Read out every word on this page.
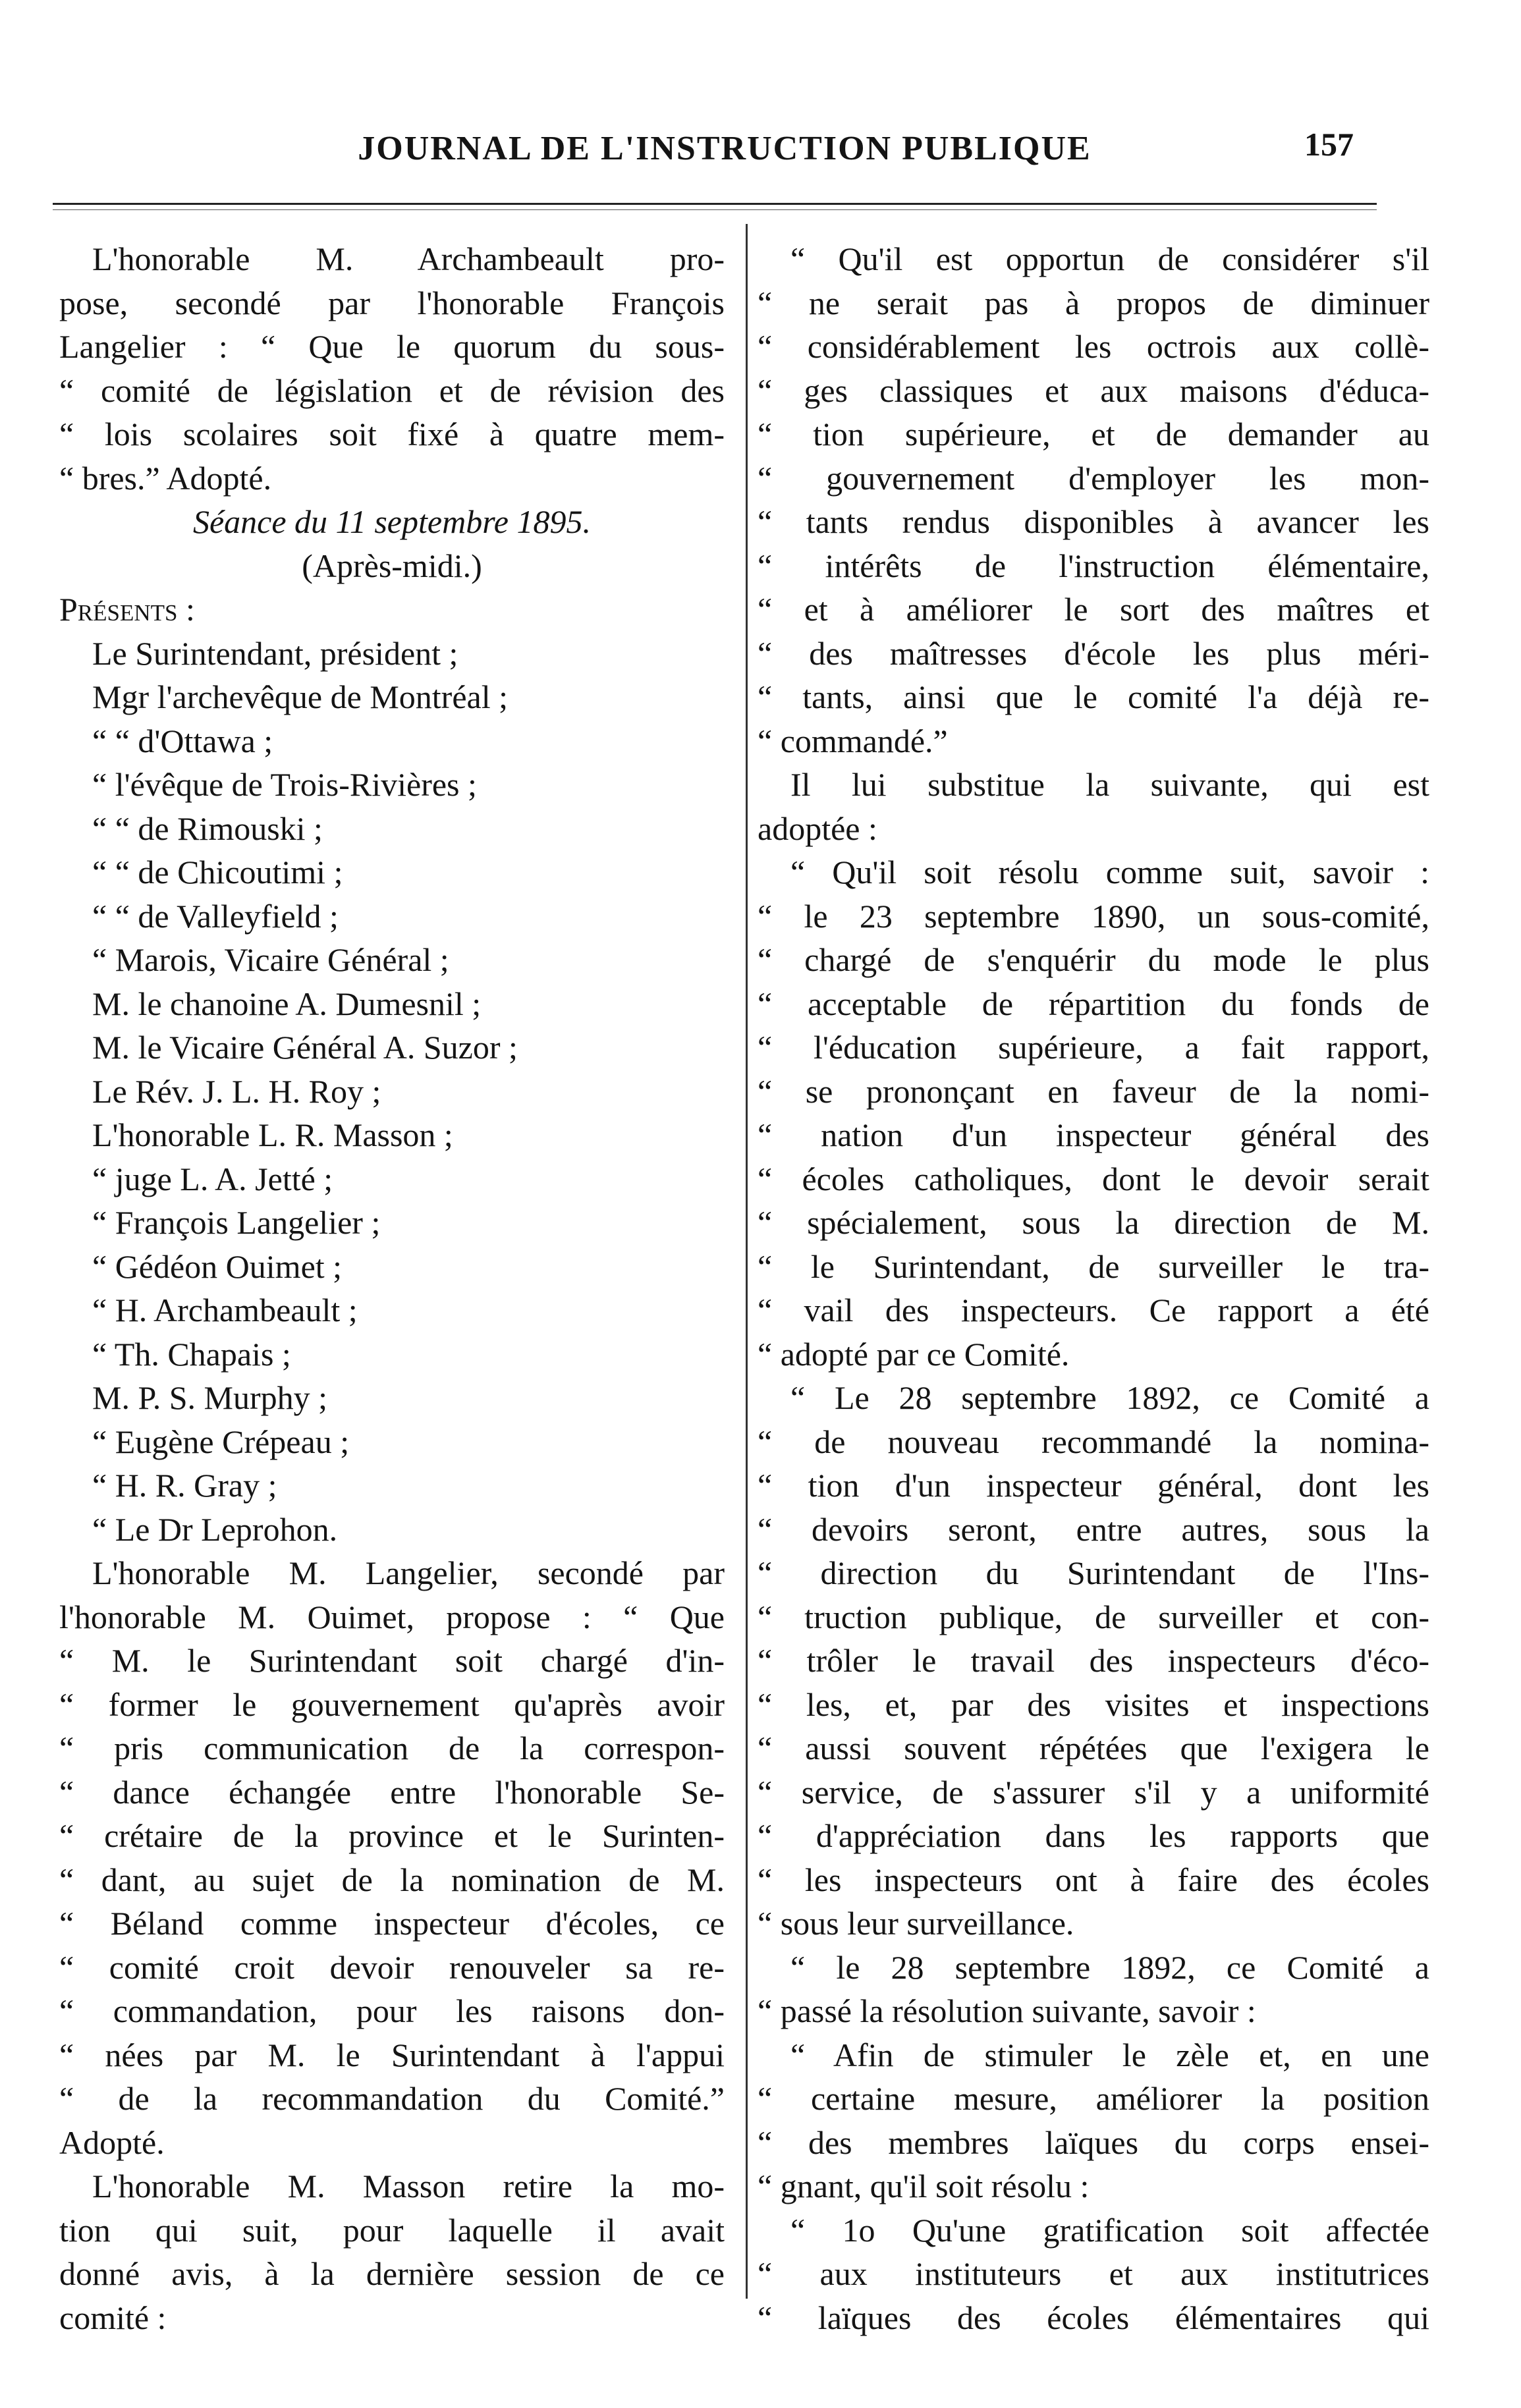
JOURNAL DE L'INSTRUCTION PUBLIQUE	157
L'honorable M. Archambeault pro-
pose, secondé par l'honorable François
Langelier : “ Que le quorum du sous-
“ comité de législation et de révision des
“ lois scolaires soit fixé à quatre mem-
“ bres.” Adopté.
Séance du 11 septembre 1895.
(Après-midi.)
Présents :
Le Surintendant, président ;
Mgr l'archevêque de Montréal ;
“ “ d'Ottawa ;
“ l'évêque de Trois-Rivières ;
“ “ de Rimouski ;
“ “ de Chicoutimi ;
“ “ de Valleyfield ;
“ Marois, Vicaire Général ;
M. le chanoine A. Dumesnil ;
M. le Vicaire Général A. Suzor ;
Le Rév. J. L. H. Roy ;
L'honorable L. R. Masson ;
“ juge L. A. Jetté ;
“ François Langelier ;
“ Gédéon Ouimet ;
“ H. Archambeault ;
“ Th. Chapais ;
M. P. S. Murphy ;
“ Eugène Crépeau ;
“ H. R. Gray ;
“ Le Dr Leprohon.
L'honorable M. Langelier, secondé par
l'honorable M. Ouimet, propose : “ Que
“ M. le Surintendant soit chargé d'in-
“ former le gouvernement qu'après avoir
“ pris communication de la correspon-
“ dance échangée entre l'honorable Se-
“ crétaire de la province et le Surinten-
“ dant, au sujet de la nomination de M.
“ Béland comme inspecteur d'écoles, ce
“ comité croit devoir renouveler sa re-
“ commandation, pour les raisons don-
“ nées par M. le Surintendant à l'appui
“ de la recommandation du Comité.”
Adopté.
L'honorable M. Masson retire la mo-
tion qui suit, pour laquelle il avait
donné avis, à la dernière session de ce
comité :
“ Qu'il est opportun de considérer s'il
“ ne serait pas à propos de diminuer
“ considérablement les octrois aux collè-
“ ges classiques et aux maisons d'éduca-
“ tion supérieure, et de demander au
“ gouvernement d'employer les mon-
“ tants rendus disponibles à avancer les
“ intérêts de l'instruction élémentaire,
“ et à améliorer le sort des maîtres et
“ des maîtresses d'école les plus méri-
“ tants, ainsi que le comité l'a déjà re-
“ commandé.”
Il lui substitue la suivante, qui est
adoptée :
“ Qu'il soit résolu comme suit, savoir :
“ le 23 septembre 1890, un sous-comité,
“ chargé de s'enquérir du mode le plus
“ acceptable de répartition du fonds de
“ l'éducation supérieure, a fait rapport,
“ se prononçant en faveur de la nomi-
“ nation d'un inspecteur général des
“ écoles catholiques, dont le devoir serait
“ spécialement, sous la direction de M.
“ le Surintendant, de surveiller le tra-
“ vail des inspecteurs. Ce rapport a été
“ adopté par ce Comité.
“ Le 28 septembre 1892, ce Comité a
“ de nouveau recommandé la nomina-
“ tion d'un inspecteur général, dont les
“ devoirs seront, entre autres, sous la
“ direction du Surintendant de l'Ins-
“ truction publique, de surveiller et con-
“ trôler le travail des inspecteurs d'éco-
“ les, et, par des visites et inspections
“ aussi souvent répétées que l'exigera le
“ service, de s'assurer s'il y a uniformité
“ d'appréciation dans les rapports que
“ les inspecteurs ont à faire des écoles
“ sous leur surveillance.
“ le 28 septembre 1892, ce Comité a
“ passé la résolution suivante, savoir :
“ Afin de stimuler le zèle et, en une
“ certaine mesure, améliorer la position
“ des membres laïques du corps ensei-
“ gnant, qu'il soit résolu :
“ 1o Qu'une gratification soit affectée
“ aux instituteurs et aux institutrices
“ laïques des écoles élémentaires qui
